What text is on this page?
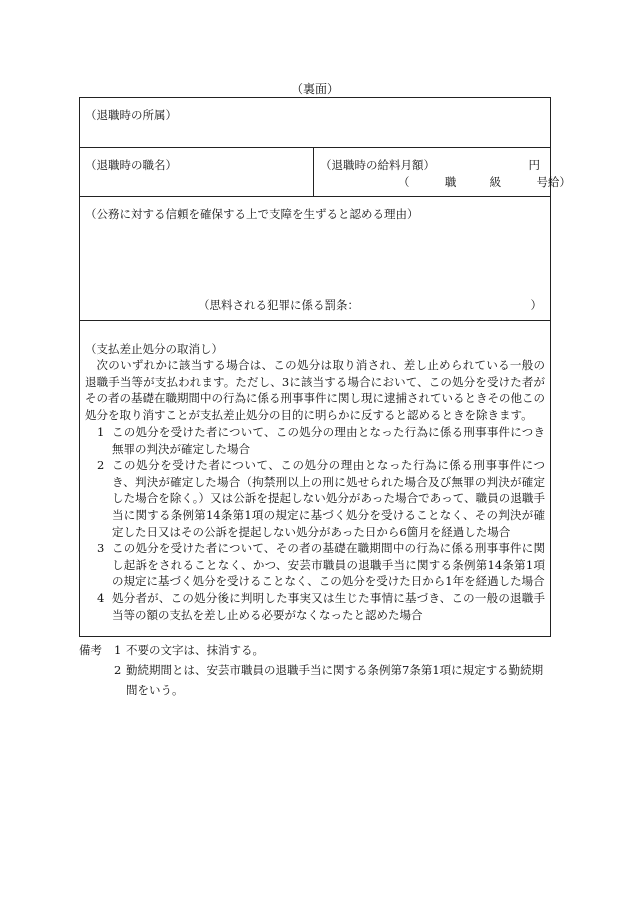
（裏面）
（退職時の所属）
（退職時の職名）	（退職時の給料月額）	円
（	職	級	号給）
（公務に対する信頼を確保する上で支障を生ずると認める理由）
（思料される犯罪に係る罰条：	）
（支払差止処分の取消し）
次のいずれかに該当する場合は、この処分は取り消され、差し止められている一般の退職手当等が支払われます。ただし、3に該当する場合において、この処分を受けた者がその者の基礎在職期間中の行為に係る刑事事件に関し現に逮捕されているときその他この処分を取り消すことが支払差止処分の目的に明らかに反すると認めるときを除きます。

1 この処分を受けた者について、この処分の理由となった行為に係る刑事事件につき無罪の判決が確定した場合

2 この処分を受けた者について、この処分の理由となった行為に係る刑事事件につき、判決が確定した場合（拘禁刑以上の刑に処せられた場合及び無罪の判決が確定した場合を除く。）又は公訴を提起しない処分があった場合であって、職員の退職手当に関する条例第14条第1項の規定に基づく処分を受けることなく、その判決が確定した日又はその公訴を提起しない処分があった日から6箇月を経過した場合

3 この処分を受けた者について、その者の基礎在職期間中の行為に係る刑事事件に関し起訴をされることなく、かつ、安芸市職員の退職手当に関する条例第14条第1項の規定に基づく処分を受けることなく、この処分を受けた日から1年を経過した場合

4 処分者が、この処分後に判明した事実又は生じた事情に基づき、この一般の退職手当等の額の支払を差し止める必要がなくなったと認めた場合

備考 1 不要の文字は、抹消する。
2 勤続期間とは、安芸市職員の退職手当に関する条例第7条第1項に規定する勤続期間をいう。
